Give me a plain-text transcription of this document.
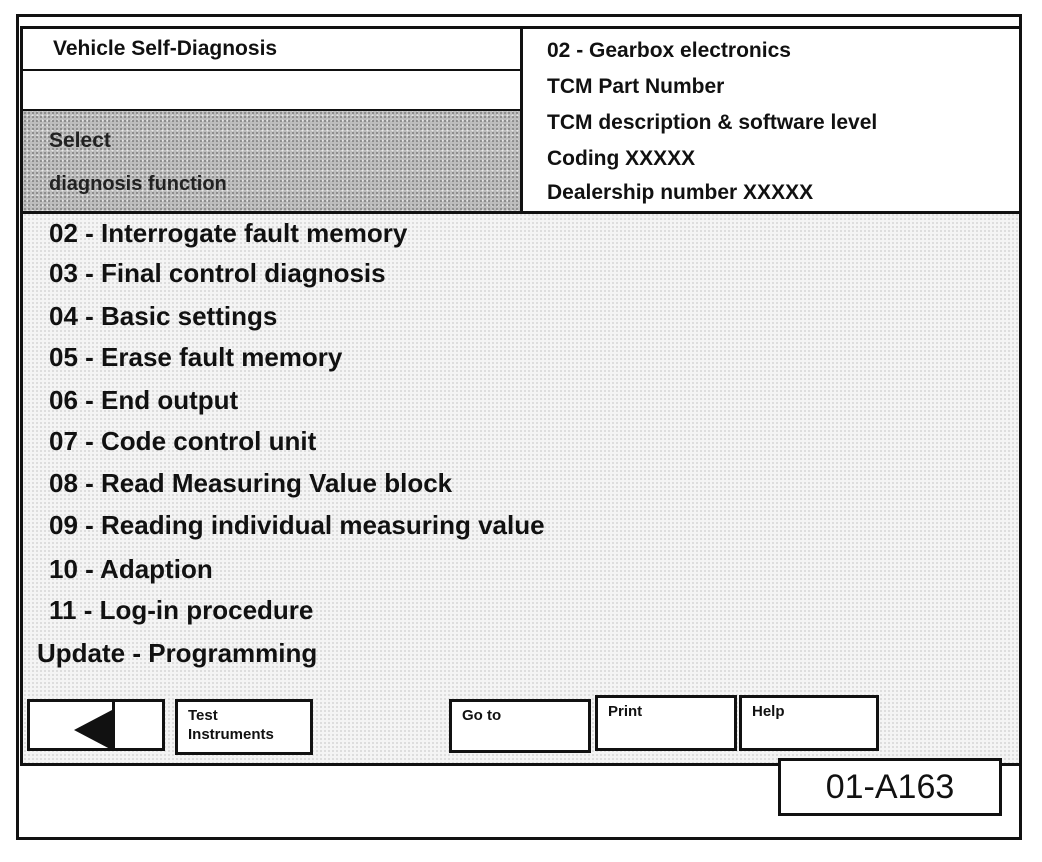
Vehicle Self-Diagnosis
Select
diagnosis function
02 - Gearbox electronics
TCM Part Number
TCM description & software level
Coding XXXXX
Dealership number XXXXX
02 - Interrogate fault memory
03 - Final control diagnosis
04 - Basic settings
05 - Erase fault memory
06 - End output
07 - Code control unit
08 - Read Measuring Value block
09 - Reading individual measuring value
10 - Adaption
11 - Log-in procedure
Update - Programming
Test
Instruments
Go to	Print	Help
01-A163
